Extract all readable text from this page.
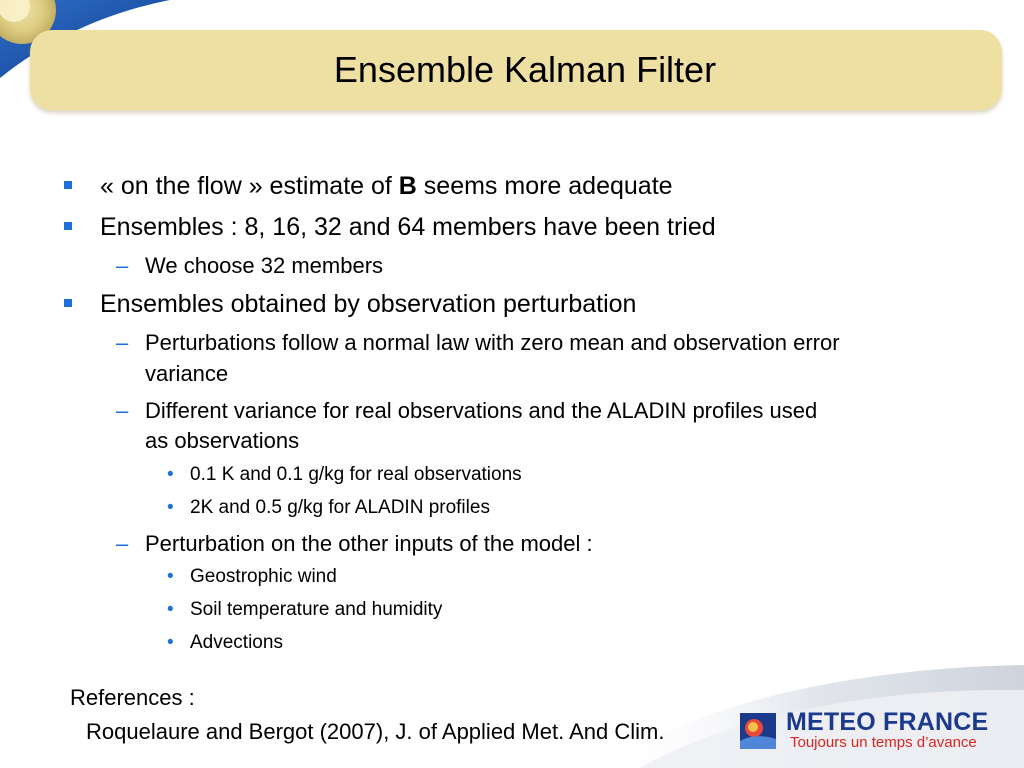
Ensemble Kalman Filter
« on the flow » estimate of B seems more adequate
Ensembles : 8, 16, 32 and 64 members have been tried
– We choose 32 members
Ensembles obtained by observation perturbation
– Perturbations follow a normal law with zero mean and observation error
variance
– Different variance for real observations and the ALADIN profiles used
as observations
• 0.1 K and 0.1 g/kg for real observations
• 2K and 0.5 g/kg for ALADIN profiles
– Perturbation on the other inputs of the model :
• Geostrophic wind
• Soil temperature and humidity
• Advections
References :
Roquelaure and Bergot (2007), J. of Applied Met. And Clim.	METEO FRANCE
Toujours un temps d’avance
